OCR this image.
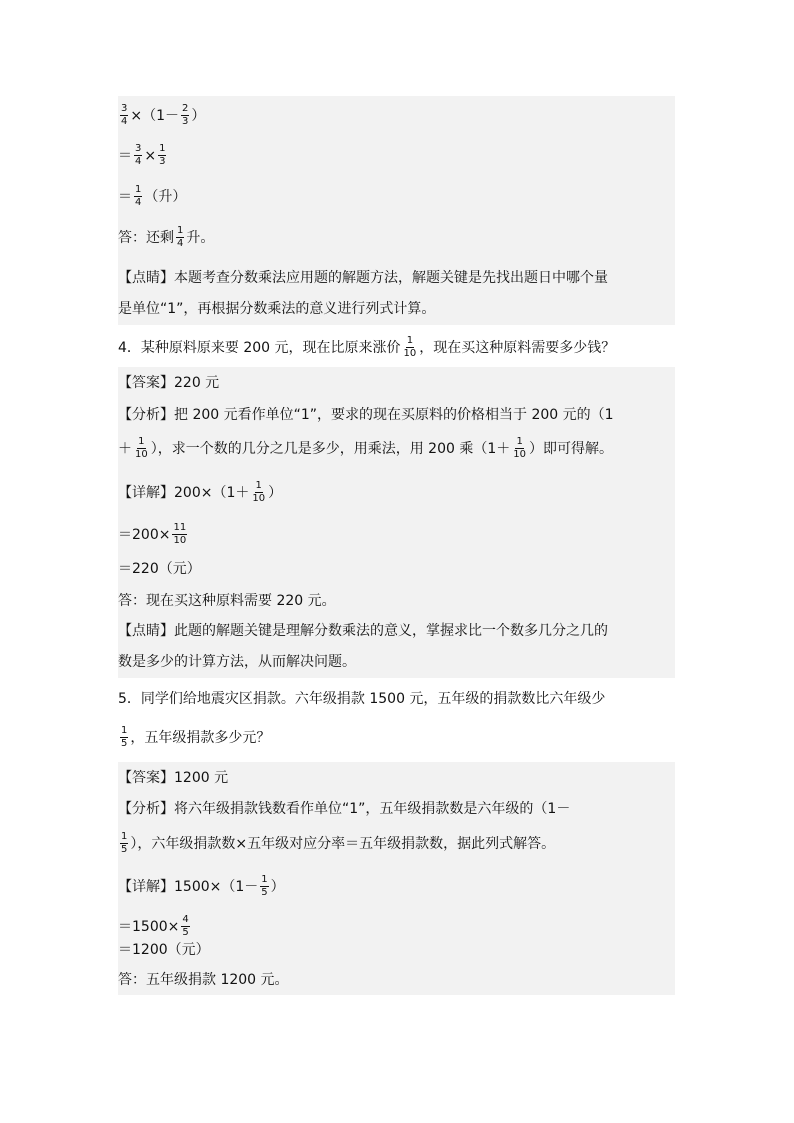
$\frac{3}{4} \times(1- \frac{2}{3}$ ）
＝ $\frac{3}{4} \times \frac{1}{3}$
＝ $\frac{1}{4}$ （升）
答：还剩 $\frac{1}{4}$ 升。
【点睛】本题考查分数乘法应用题的解题方法，解题关键是先找出题日中哪个量
是单位“1”，再根据分数乘法的意义进行列式计算。
4．某种原料原来要 200 元，现在比原来涨价 $\frac{1}{10}$ ，现在买这种原料需要多少钱？
【答案】220 元
【分析】把 200 元看作单位“1”，要求的现在买原料的价格相当于 200 元的（1
＋ $\frac{1}{10}$ ），求一个数的几分之几是多少，用乘法，用 200 乘（$1+ \frac{1}{10}$ ）即可得解。
【详解】$200\times(1+ \frac{1}{10}$ ）
$=200\times \frac{11}{10}$
＝220（元）
答：现在买这种原料需要 220 元。
【点睛】此题的解题关键是理解分数乘法的意义，掌握求比一个数多几分之几的
数是多少的计算方法，从而解决问题。
5．同学们给地震灾区捐款。六年级捐款 1500 元，五年级的捐款数比六年级少
$\frac{1}{5}$ ，五年级捐款多少元？
【答案】1200 元
【分析】将六年级捐款钱数看作单位“1”，五年级捐款数是六年级的（1－
$\frac{1}{5}$ ），六年级捐款数×五年级对应分率＝五年级捐款数，据此列式解答。
【详解】$1500\times(1- \frac{1}{5}$ ）
$=1500\times \frac{4}{5}$
＝1200（元）
答：五年级捐款 1200 元。
